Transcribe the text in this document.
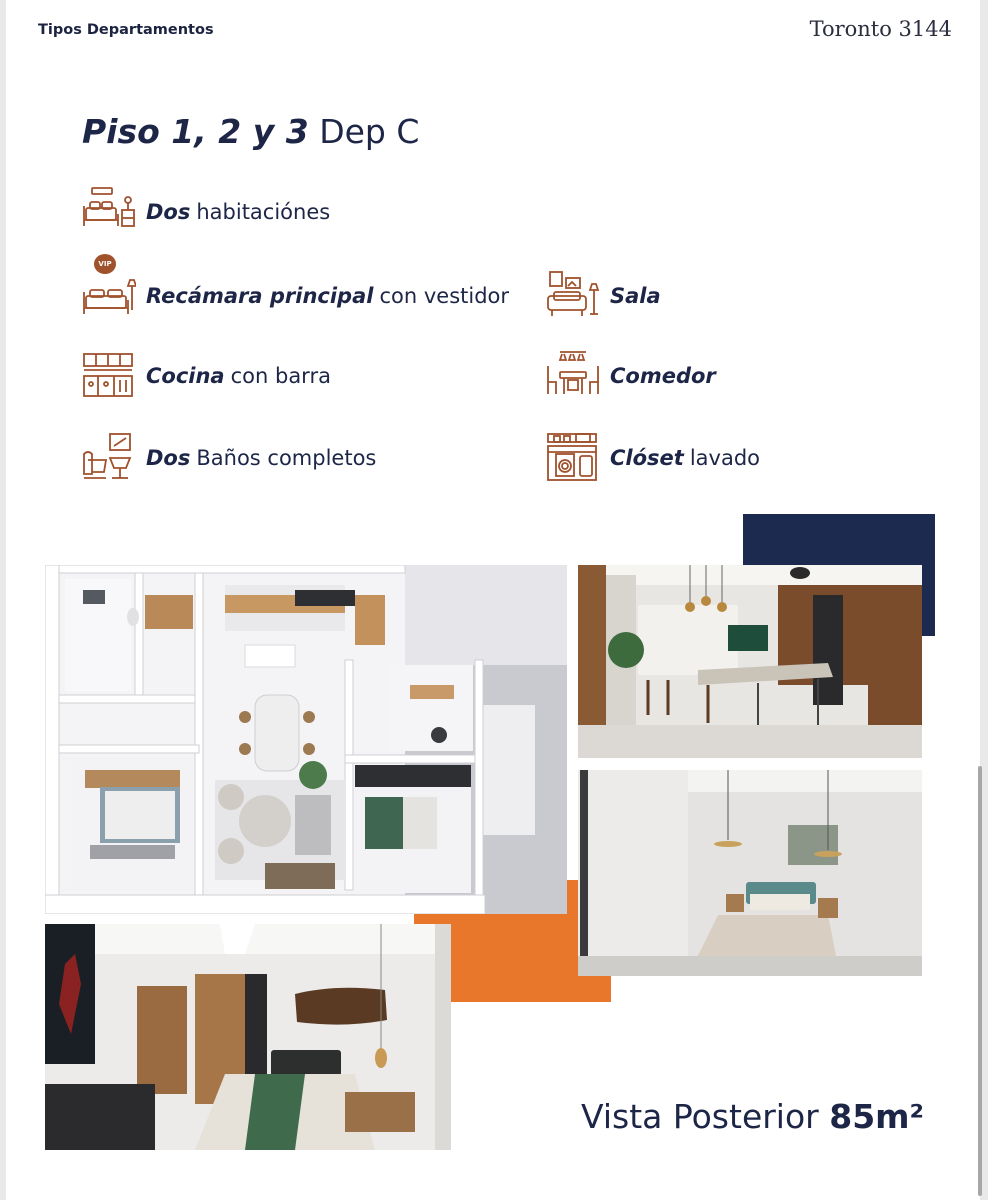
Tipos Departamentos	Toronto 3144
Piso 1, 2 y 3 Dep C
Dos habitaciónes
Recámara principal con vestidor
VIP
Cocina con barra
Dos Baños completos
Sala
Comedor
Clóset lavado
Vista Posterior 85m²
